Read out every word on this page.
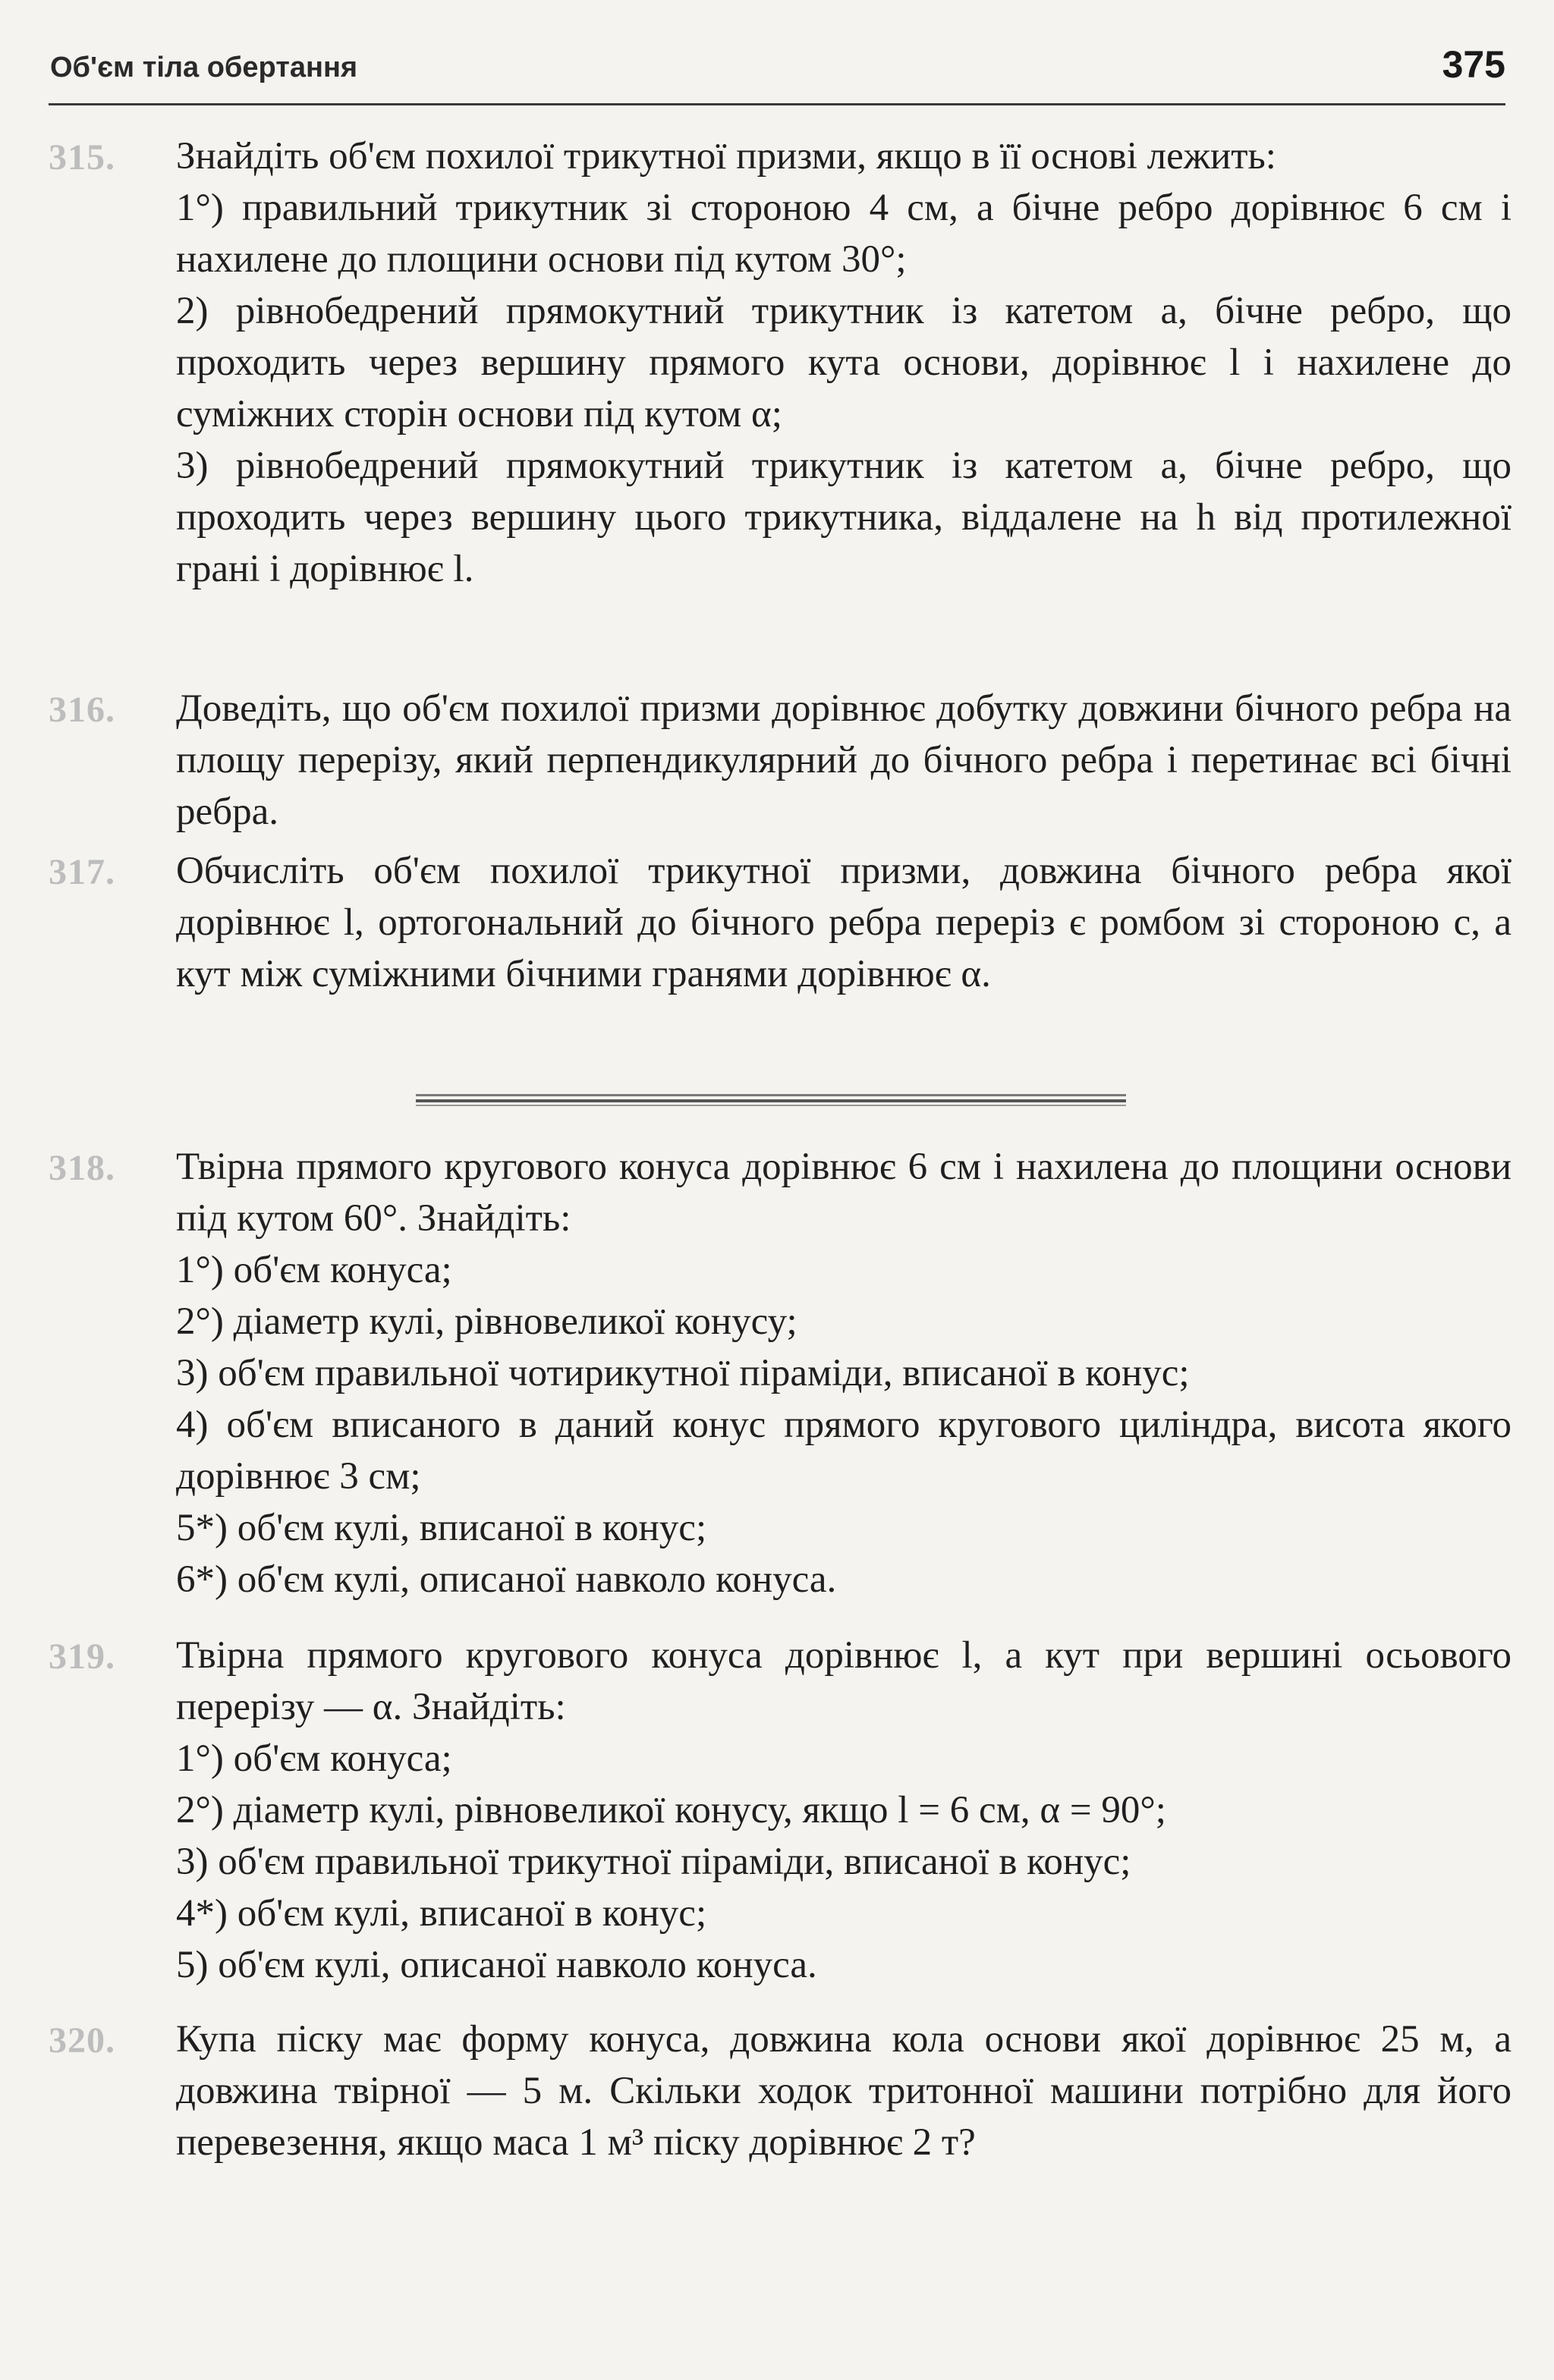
Об'єм тіла обертання	375
315. Знайдіть об'єм похилої трикутної призми, якщо в її основі лежить:

1°) правильний трикутник зі стороною 4 см, а бічне ребро дорівнює 6 см і нахилене до площини основи під кутом 30°;
2) рівнобедрений прямокутний трикутник із катетом a, бічне ребро, що проходить через вершину прямого кута основи, дорівнює l і нахилене до суміжних сторін основи під кутом α;
3) рівнобедрений прямокутний трикутник із катетом a, бічне ребро, що проходить через вершину цього трикутника, віддалене на h від протилежної грані і дорівнює l.
316. Доведіть, що об'єм похилої призми дорівнює добутку довжини бічного ребра на площу перерізу, який перпендикулярний до бічного ребра і перетинає всі бічні ребра.

317. Обчисліть об'єм похилої трикутної призми, довжина бічного ребра якої дорівнює l, ортогональний до бічного ребра переріз є ромбом зі стороною c, а кут між суміжними бічними гранями дорівнює α.

318. Твірна прямого кругового конуса дорівнює 6 см і нахилена до площини основи під кутом 60°. Знайдіть:

1°) об'єм конуса;
2°) діаметр кулі, рівновеликої конусу;
3) об'єм правильної чотирикутної піраміди, вписаної в конус;
4) об'єм вписаного в даний конус прямого кругового циліндра, висота якого дорівнює 3 см;
5*) об'єм кулі, вписаної в конус;
6*) об'єм кулі, описаної навколо конуса.
319. Твірна прямого кругового конуса дорівнює l, а кут при вершині осьового перерізу — α. Знайдіть:

1°) об'єм конуса;
2°) діаметр кулі, рівновеликої конусу, якщо l = 6 см, α = 90°;
3) об'єм правильної трикутної піраміди, вписаної в конус;
4*) об'єм кулі, вписаної в конус;
5) об'єм кулі, описаної навколо конуса.
320. Купа піску має форму конуса, довжина кола основи якої дорівнює 25 м, а довжина твірної — 5 м. Скільки ходок тритонної машини потрібно для його перевезення, якщо маса 1 м³ піску дорівнює 2 т?
